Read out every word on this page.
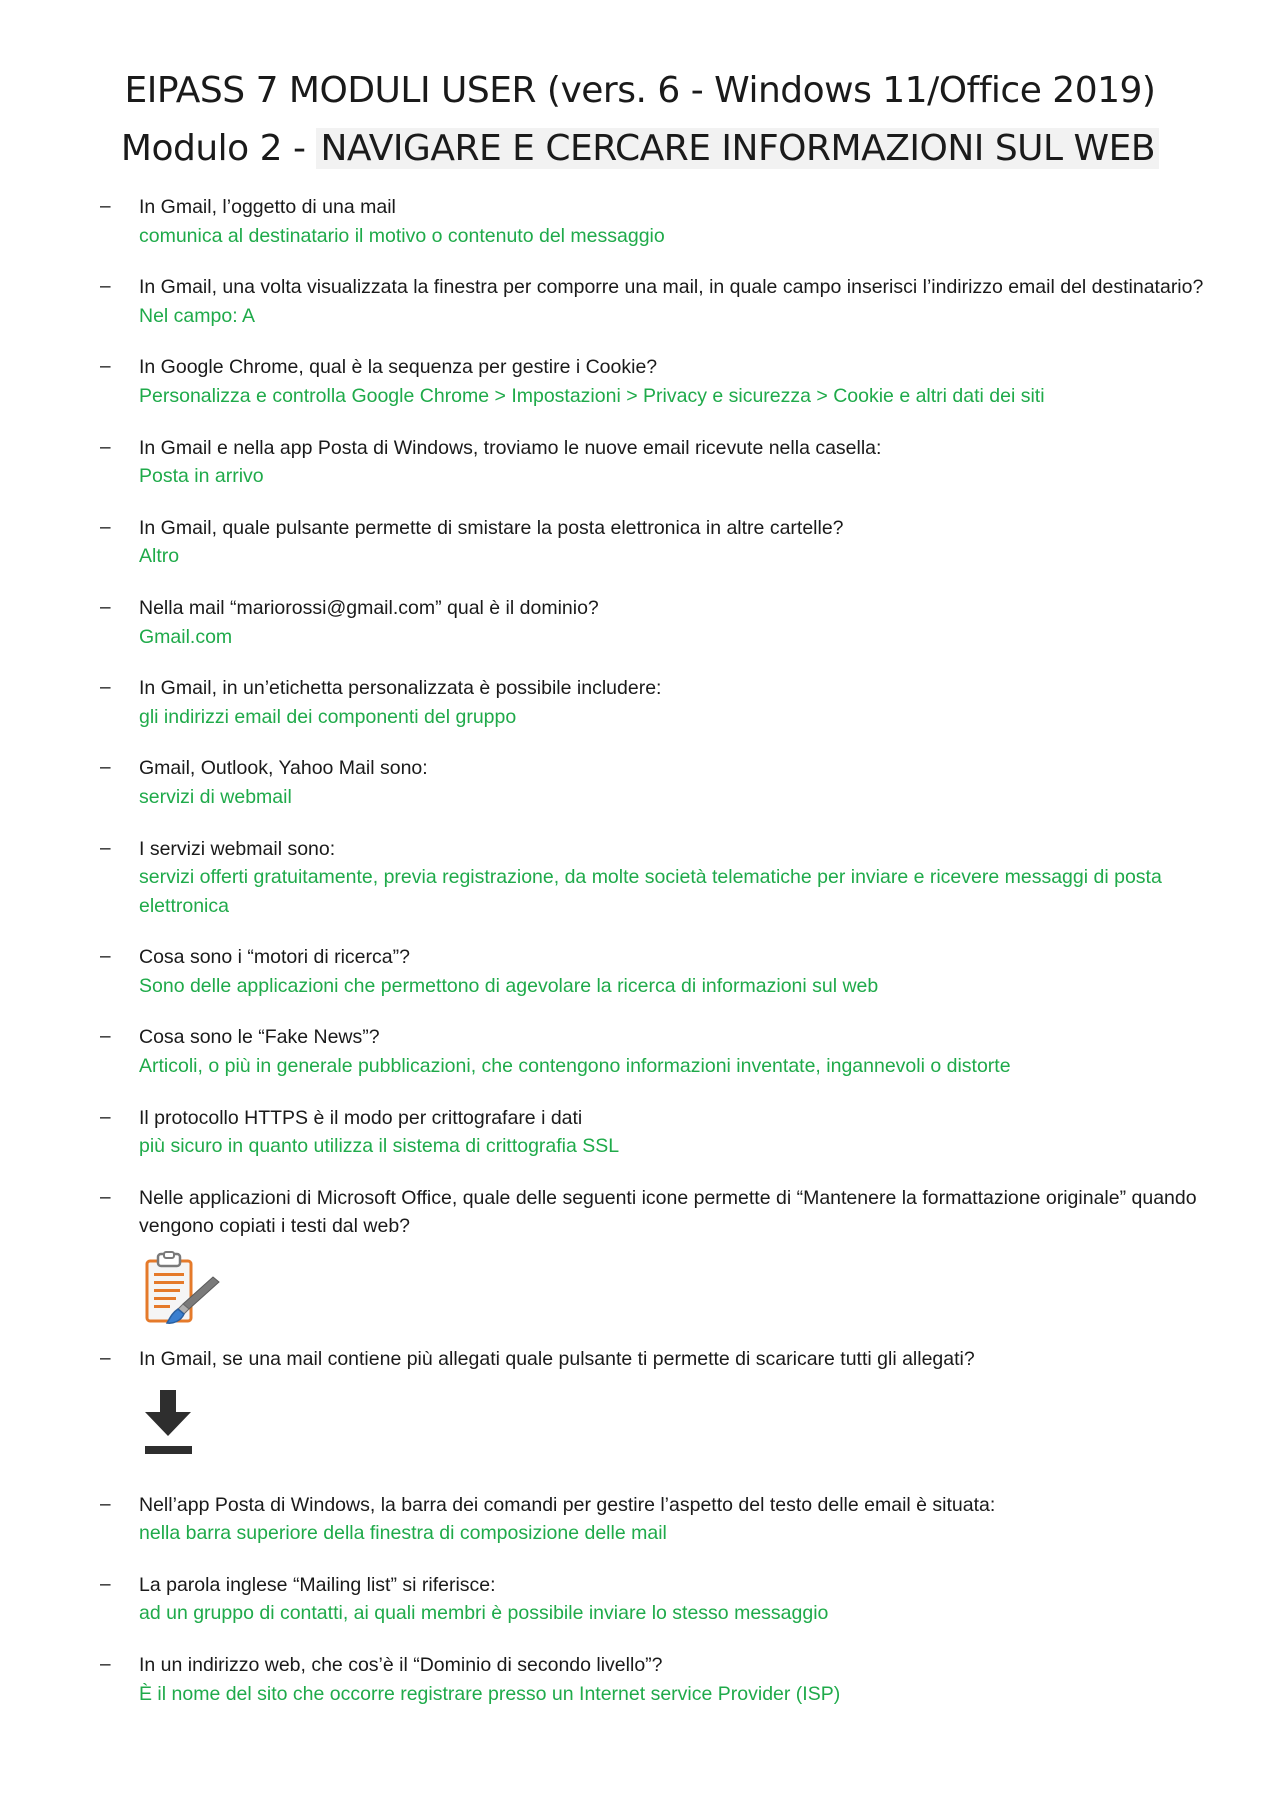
EIPASS 7 MODULI USER (vers. 6 - Windows 11/Office 2019)
Modulo 2 - NAVIGARE E CERCARE INFORMAZIONI SUL WEB
– In Gmail, l’oggetto di una mail
comunica al destinatario il motivo o contenuto del messaggio
– In Gmail, una volta visualizzata la finestra per comporre una mail, in quale campo inserisci l’indirizzo email del destinatario?
Nel campo: A
– In Google Chrome, qual è la sequenza per gestire i Cookie?
Personalizza e controlla Google Chrome > Impostazioni > Privacy e sicurezza > Cookie e altri dati dei siti
– In Gmail e nella app Posta di Windows, troviamo le nuove email ricevute nella casella:
Posta in arrivo
– In Gmail, quale pulsante permette di smistare la posta elettronica in altre cartelle?
Altro
– Nella mail “mariorossi@gmail.com” qual è il dominio?
Gmail.com
– In Gmail, in un’etichetta personalizzata è possibile includere:
gli indirizzi email dei componenti del gruppo
– Gmail, Outlook, Yahoo Mail sono:
servizi di webmail
– I servizi webmail sono:
servizi offerti gratuitamente, previa registrazione, da molte società telematiche per inviare e ricevere messaggi di posta elettronica
– Cosa sono i “motori di ricerca”?
Sono delle applicazioni che permettono di agevolare la ricerca di informazioni sul web
– Cosa sono le “Fake News”?
Articoli, o più in generale pubblicazioni, che contengono informazioni inventate, ingannevoli o distorte
– Il protocollo HTTPS è il modo per crittografare i dati
più sicuro in quanto utilizza il sistema di crittografia SSL
– Nelle applicazioni di Microsoft Office, quale delle seguenti icone permette di “Mantenere la formattazione originale” quando vengono copiati i testi dal web?
– In Gmail, se una mail contiene più allegati quale pulsante ti permette di scaricare tutti gli allegati?
– Nell’app Posta di Windows, la barra dei comandi per gestire l’aspetto del testo delle email è situata:
nella barra superiore della finestra di composizione delle mail
– La parola inglese “Mailing list” si riferisce:
ad un gruppo di contatti, ai quali membri è possibile inviare lo stesso messaggio
– In un indirizzo web, che cos’è il “Dominio di secondo livello”?
È il nome del sito che occorre registrare presso un Internet service Provider (ISP)
